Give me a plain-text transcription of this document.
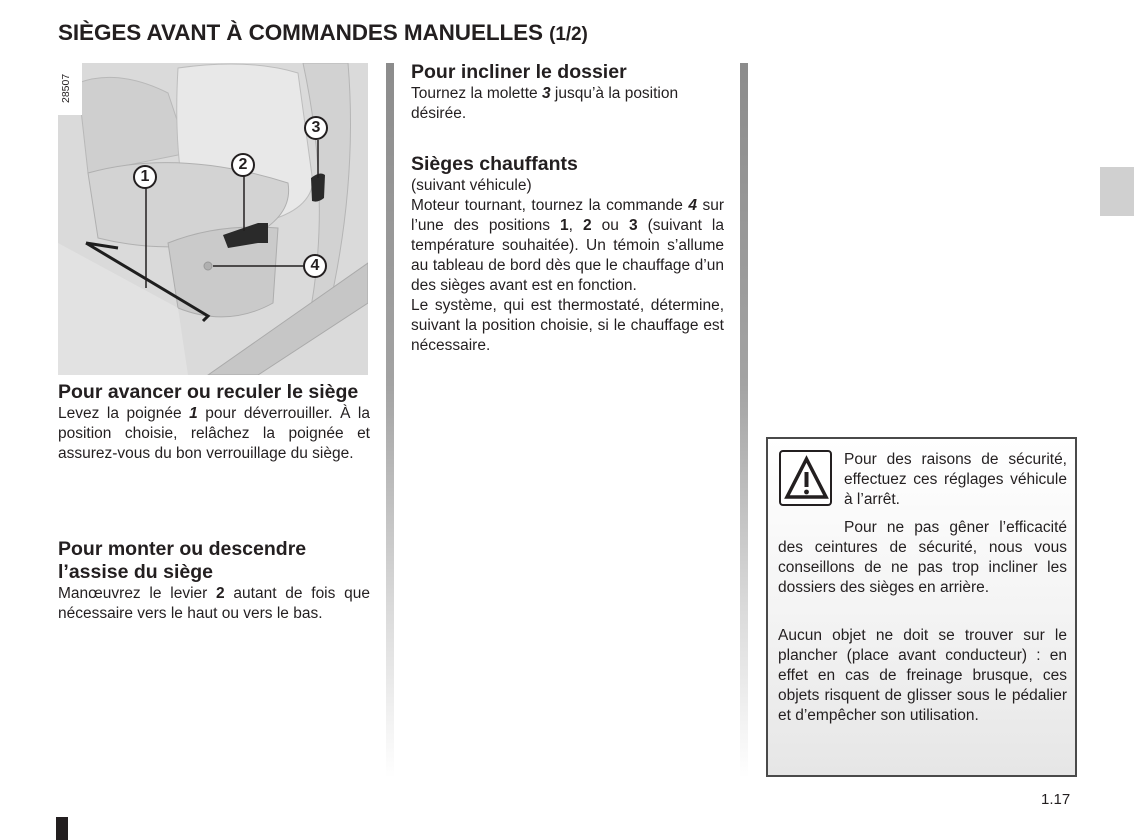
SIÈGES AVANT À COMMANDES MANUELLES (1/2)
28507
1
2
3
4
Pour avancer ou reculer le siège
Levez la poignée 1 pour déverrouiller. À la position choisie, relâchez la poignée et assurez-vous du bon verrouillage du siège.
Pour monter ou descendre l’assise du siège
Manœuvrez le levier 2 autant de fois que nécessaire vers le haut ou vers le bas.
Pour incliner le dossier
Tournez la molette 3 jusqu’à la position désirée.
Sièges chauffants
(suivant véhicule)
Moteur tournant, tournez la commande 4 sur l’une des positions 1, 2 ou 3 (suivant la température souhaitée). Un témoin s’allume au tableau de bord dès que le chauffage d’un des sièges avant est en fonction.
Le système, qui est thermostaté, détermine, suivant la position choisie, si le chauffage est nécessaire.
Pour des raisons de sécurité, effectuez ces réglages véhicule à l’arrêt.
Pour ne pas gêner l’efficacité des ceintures de sécurité, nous vous conseillons de ne pas trop incliner les dossiers des sièges en arrière.
Aucun objet ne doit se trouver sur le plancher (place avant conducteur) : en effet en cas de freinage brusque, ces objets risquent de glisser sous le pédalier et d’empêcher son utilisation.
1.17
